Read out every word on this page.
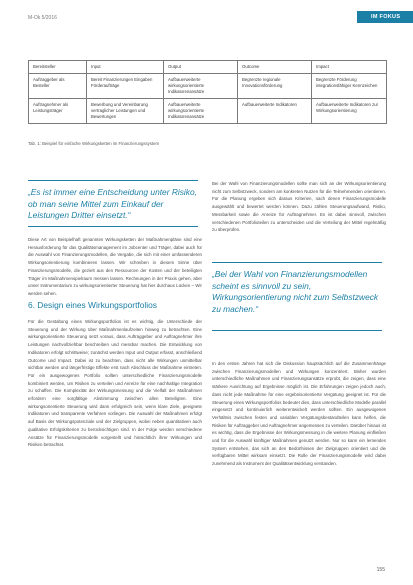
M-Ok 5/2016	IM FOKUS
Bereitsteller	Input	Output	Outcome	Impact
Auftraggeber als Besteller	Bereit Finanzierungen Eingaben Förderaufträge	Aufbauerweiterte wirkungsorientierte Indikatorenansätze	Begrenzte regionale Innovationsförderung	Begrenzte Förderung integrationsfähiger Kennzeichen
Auftragnehmer als Leistungsträger	Bewerbung und Vereinbarung vertraglicher Leistungen und Bewertungen	Aufbauerweiterte wirkungsorientierte Indikatorenansätze	Aufbauerweiterte Indikatoren	Aufbauerweiterte Indikatoren zur Wirkungsorientierung
Tab. 1: Beispiel für einfache Wirkungsketten im Finanzierungssystem
„Es ist immer eine Entscheidung unter Risiko, ob man seine Mittel zum Einkauf der Leistungen Dritter einsetzt.“
Diese Art von Beispielhaft genannten Wirkungsketten der Maßnahmenpläne sind eine Herausforderung für das Qualitätsmanagement im Jobcenter und Träger, dabei auch für die Auswahl von Finanzierungsmodellen, die Vergabe, die sich mit einer umfassenderen Wirkungsorientierung kombinieren lassen. Wir schreiben in diesem Sinne über Finanzierungsmodelle, die gezielt aus den Ressourcen der Kosten und der beteiligten Träger im Maßnahmenspielraum messen lassen. Rechnungen in der Praxis gehen, aber unser Instrumentarium zu wirkungsorientierter Steuerung hat hier durchaus Lücken – Wir werden sehen.
6. Design eines Wirkungsportfolios
Für die Gestaltung eines Wirkungsportfolios ist es wichtig, die Unterschiede der Steuerung und der Wirkung über Maßnahmenlaufzeiten hinweg zu betrachten. Eine wirkungsorientierte Steuerung setzt voraus, dass Auftraggeber und Auftragnehmer ihre Leistungen nachvollziehbar beschreiben und messbar machen. Die Entwicklung von Indikatoren erfolgt schrittweise; zunächst werden Input und Output erfasst, anschließend Outcome und Impact. Dabei ist zu beachten, dass nicht alle Wirkungen unmittelbar sichtbar werden und längerfristige Effekte erst nach Abschluss der Maßnahme eintreten. Für ein ausgewogenes Portfolio sollten unterschiedliche Finanzierungsmodelle kombiniert werden, um Risiken zu verteilen und Anreize für eine nachhaltige Integration zu schaffen. Die Komplexität der Wirkungsmessung und die Vielfalt der Maßnahmen erfordern eine sorgfältige Abstimmung zwischen allen Beteiligten. Eine wirkungsorientierte Steuerung wird dann erfolgreich sein, wenn klare Ziele, geeignete Indikatoren und transparente Verfahren vorliegen. Die Auswahl der Maßnahmen erfolgt auf Basis der Wirkungspotenziale und der Zielgruppen, wobei neben quantitativen auch qualitative Erfolgskriterien zu berücksichtigen sind. In der Folge werden verschiedene Ansätze für Finanzierungsmodelle vorgestellt und hinsichtlich ihrer Wirkungen und Risiken betrachtet.
Bei der Wahl von Finanzierungsmodellen sollte man sich an der Wirkungsorientierung nicht zum Selbstzweck, sondern am konkreten Nutzen für die Teilnehmenden orientieren. Für die Planung ergeben sich daraus Kriterien, nach denen Finanzierungsmodelle ausgewählt und bewertet werden können. Dazu zählen Steuerungsaufwand, Risiko, Messbarkeit sowie die Anreize für Auftragnehmer. Es ist dabei sinnvoll, zwischen verschiedenen Portfolioteilen zu unterscheiden und die Verteilung der Mittel regelmäßig zu überprüfen.
„Bei der Wahl von Finanzierungsmodellen scheint es sinnvoll zu sein, Wirkungsorientierung nicht zum Selbstzweck zu machen.“
In den ersten Jahren hat sich die Diskussion hauptsächlich auf die Zusammenhänge zwischen Finanzierungsmodellen und Wirkungen konzentriert. Bisher wurden unterschiedliche Maßnahmen und Finanzierungsansätze erprobt, die zeigen, dass eine stärkere Ausrichtung auf Ergebnisse möglich ist. Die Erfahrungen zeigen jedoch auch, dass nicht jede Maßnahme für eine ergebnisorientierte Vergütung geeignet ist. Für die Steuerung eines Wirkungsportfolios bedeutet dies, dass unterschiedliche Modelle parallel eingesetzt und kontinuierlich weiterentwickelt werden sollten. Ein ausgewogenes Verhältnis zwischen festen und variablen Vergütungsbestandteilen kann helfen, die Risiken für Auftraggeber und Auftragnehmer angemessen zu verteilen. Darüber hinaus ist es wichtig, dass die Ergebnisse der Wirkungsmessung in die weitere Planung einfließen und für die Auswahl künftiger Maßnahmen genutzt werden. Nur so kann ein lernendes System entstehen, das sich an den Bedürfnissen der Zielgruppen orientiert und die verfügbaren Mittel wirksam einsetzt. Die Rolle der Finanzierungsmodelle wird dabei zunehmend als Instrument der Qualitätsentwicklung verstanden.
155
